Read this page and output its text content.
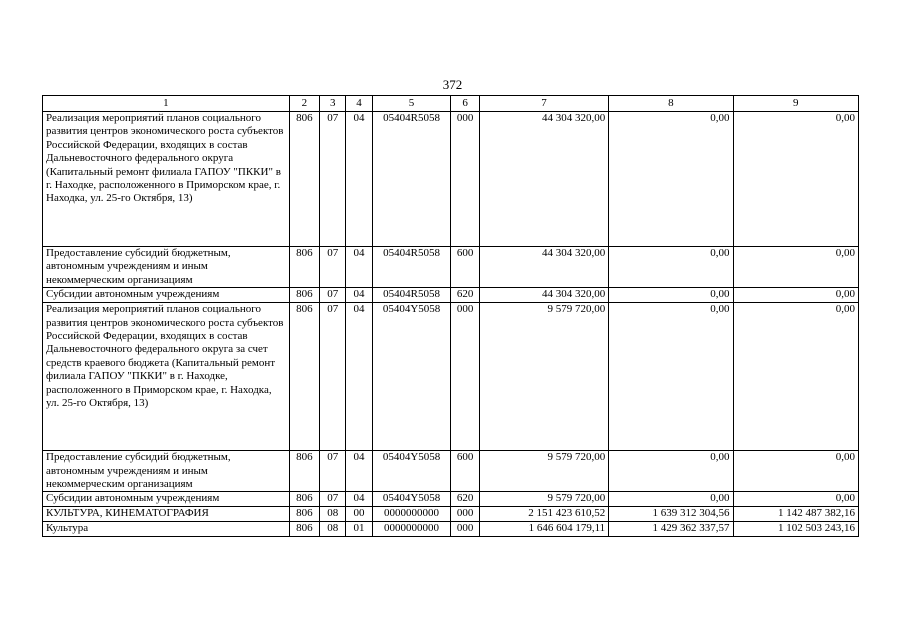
372
1	2	3	4	5	6	7	8	9
Реализация мероприятий планов социального развития центров экономического роста субъектов Российской Федерации, входящих в состав Дальневосточного федерального округа (Капитальный ремонт филиала ГАПОУ "ПККИ" в г. Находке, расположенного в Приморском крае, г. Находка, ул. 25-го Октября, 13)	806	07	04	05404R5058	000	44 304 320,00	0,00	0,00
Предоставление субсидий бюджетным, автономным учреждениям и иным некоммерческим организациям	806	07	04	05404R5058	600	44 304 320,00	0,00	0,00
Субсидии автономным учреждениям	806	07	04	05404R5058	620	44 304 320,00	0,00	0,00
Реализация мероприятий планов социального развития центров экономического роста субъектов Российской Федерации, входящих в состав Дальневосточного федерального округа за счет средств краевого бюджета (Капитальный ремонт филиала ГАПОУ "ПККИ" в г. Находке, расположенного в Приморском крае, г. Находка, ул. 25-го Октября, 13)	806	07	04	05404Y5058	000	9 579 720,00	0,00	0,00
Предоставление субсидий бюджетным, автономным учреждениям и иным некоммерческим организациям	806	07	04	05404Y5058	600	9 579 720,00	0,00	0,00
Субсидии автономным учреждениям	806	07	04	05404Y5058	620	9 579 720,00	0,00	0,00
КУЛЬТУРА, КИНЕМАТОГРАФИЯ	806	08	00	0000000000	000	2 151 423 610,52	1 639 312 304,56	1 142 487 382,16
Культура	806	08	01	0000000000	000	1 646 604 179,11	1 429 362 337,57	1 102 503 243,16
